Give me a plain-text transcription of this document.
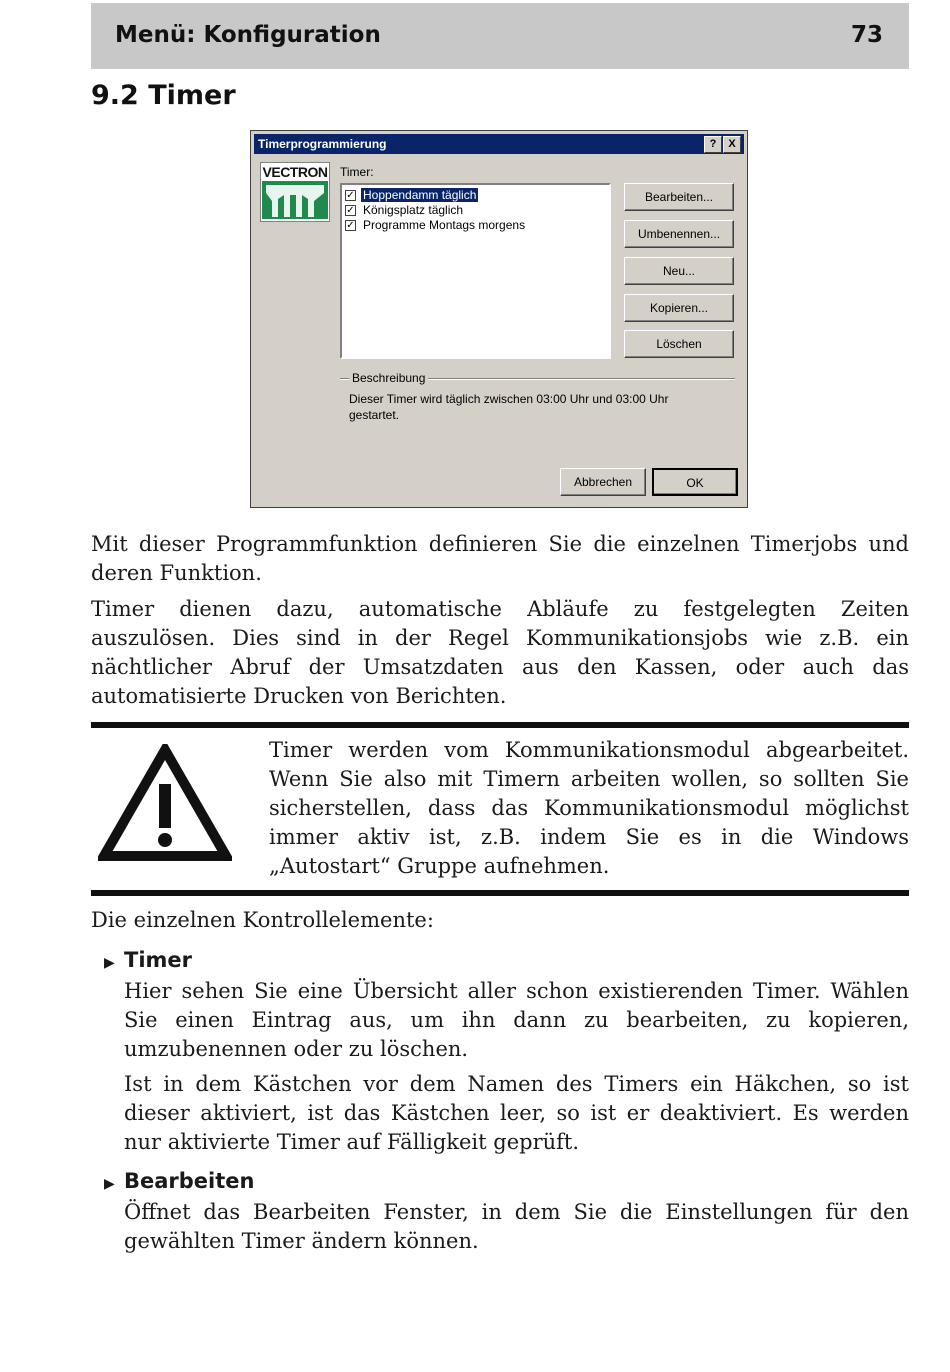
Menü: Konfiguration	73
9.2 Timer
Timerprogrammierung	?	X
VECTRON Timer:
✓ Hoppendamm täglich
✓ Königsplatz täglich
✓ Programme Montags morgens
Bearbeiten...
Umbenennen...
Neu...
Kopieren...
Löschen
Beschreibung
Dieser Timer wird täglich zwischen 03:00 Uhr und 03:00 Uhr gestartet.
Abbrechen	OK
Mit dieser Programmfunktion definieren Sie die einzelnen Timerjobs und deren Funktion.
Timer dienen dazu, automatische Abläufe zu festgelegten Zeiten auszulösen. Dies sind in der Regel Kommunikationsjobs wie z.B. ein nächtlicher Abruf der Umsatzdaten aus den Kassen, oder auch das automatisierte Drucken von Berichten.
Timer werden vom Kommunikationsmodul abgearbeitet. Wenn Sie also mit Timern arbeiten wollen, so sollten Sie sicherstellen, dass das Kommunikationsmodul möglichst immer aktiv ist, z.B. indem Sie es in die Windows „Autostart“ Gruppe aufnehmen.
Die einzelnen Kontrollelemente:
▶ Timer
Hier sehen Sie eine Übersicht aller schon existierenden Timer. Wählen Sie einen Eintrag aus, um ihn dann zu bearbeiten, zu kopieren, umzubenennen oder zu löschen.
Ist in dem Kästchen vor dem Namen des Timers ein Häkchen, so ist dieser aktiviert, ist das Kästchen leer, so ist er deaktiviert. Es werden nur aktivierte Timer auf Fälligkeit geprüft.
▶ Bearbeiten
Öffnet das Bearbeiten Fenster, in dem Sie die Einstellungen für den gewählten Timer ändern können.
